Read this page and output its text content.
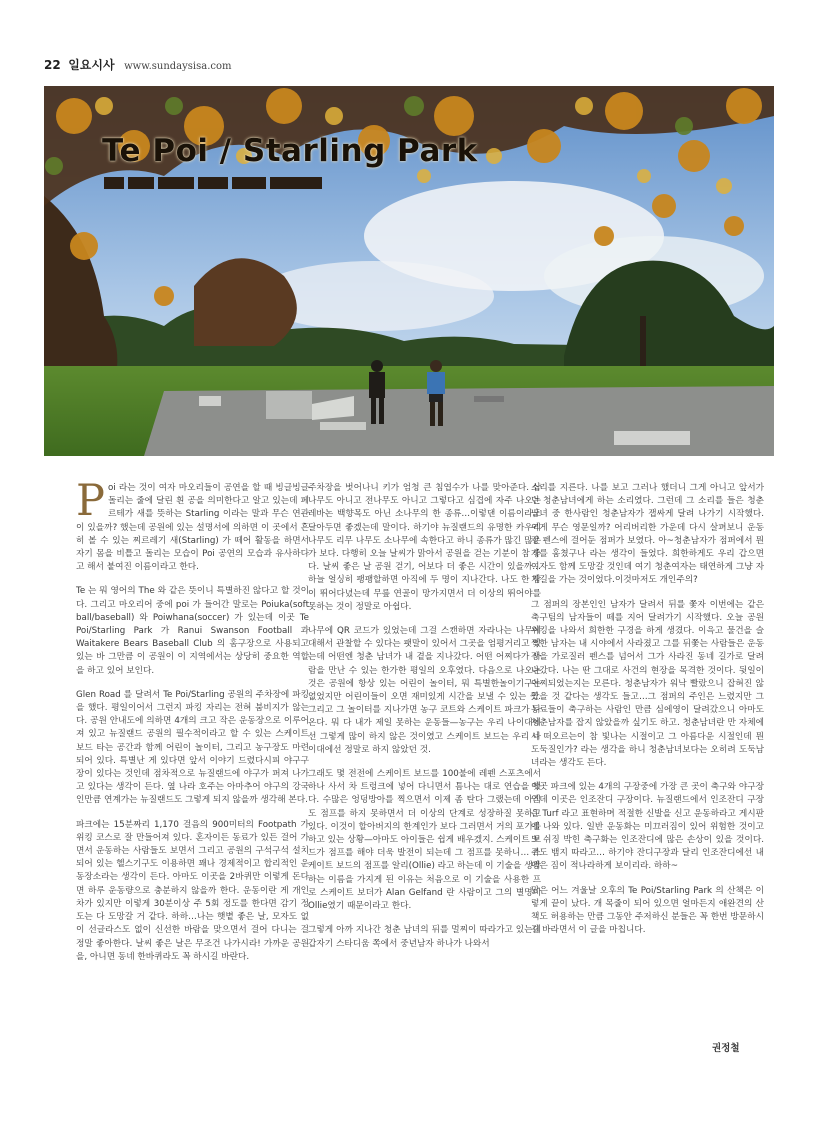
22 일요시사 www.sundaysisa.com
Te Poi / Starling Park

Poi 라는 것이 여자 마오리들이 공연을 할 때 빙글빙글 돌리는 줄에 달린 흰 공을 의미한다고 알고 있는데 페르테가 새를 뜻하는 Starling 이라는 말과 무슨 연관이 있을까? 했는데 공원에 있는 설명서에 의하면 이 곳에서 흔히 볼 수 있는 찌르레기 새(Starling) 가 떼어 활동을 하면서 자기 몸을 비틀고 돌리는 모습이 Poi 공연의 모습과 유사하다고 해서 붙여진 이름이라고 한다.

Te 는 뭐 영어의 The 와 같은 뜻이니 특별하진 않다고 할 것이다. 그리고 마오리어 중에 poi 가 들어간 말로는 Poiuka(soft ball/baseball) 와 Poiwhana(soccer) 가 있는데 이곳 Te Poi/Starling Park 가 Ranui Swanson Football 과 Waitakere Bears Baseball Club 의 홈구장으로 사용되고 있는 바 그만큼 이 공원이 이 지역에서는 상당히 중요한 역할을 하고 있어 보인다.

Glen Road 를 달려서 Te Poi/Starling 공원의 주차장에 파킹을 했다. 평일이어서 그런지 파킹 자리는 전혀 붐비지가 않는다. 공원 안내도에 의하면 4개의 크고 작은 운동장으로 이루어져 있고 뉴질랜드 공원의 필수적이라고 할 수 있는 스케이트 보드 타는 공간과 함께 어린이 놀이터, 그리고 농구장도 마련되어 있다. 특별난 게 있다면 앞서 이야기 드렸다시피 야구구장이 있다는 것인데 점차적으로 뉴질랜드에 야구가 퍼져 나가고 있다는 생각이 든다. 옆 나라 호주는 아마추어 야구의 강국인만큼 연계가는 뉴질랜드도 그렇게 되지 않을까 생각해 본다.

파크에는 15분짜리 1,170 걸음의 900미터의 Footpath 가 위킹 코스로 잘 만들어져 있다. 혼자이든 동료가 있든 걸어 가면서 운동하는 사람들도 보면서 그리고 공원의 구석구석 설치되어 있는 헬스기구도 이용하면 꽤나 경제적이고 합리적인 운동장소라는 생각이 든다. 아마도 이곳을 2바퀴만 이렇게 돈다면 하루 운동량으로 충분하지 않을까 한다. 운동이란 게 개인차가 있지만 이렇게 30분이상 주 5회 정도를 한다면 감기 정도는 다 도망갈 거 같다. 하하…나는 햇볕 좋은 날, 모자도 없이 선글라스도 없이 신선한 바람을 맞으면서 걸어 다니는 걸 정말 좋아한다. 날씨 좋은 날은 무조건 나가시라! 가까운 공원을, 아니면 동네 한바퀴라도 꼭 하시길 바란다.

주차장을 벗어나니 키가 엄청 큰 침엽수가 나를 맞아준다. 삼나무도 아니고 전나무도 아니고 그렇다고 심겹에 자주 나오는 레바논 백향목도 아닌 소나무의 한 종류…이렇댄 이름이라도 달아두면 좋겠는데 말이다. 하기야 뉴질랜드의 유명한 카우리 나무도 리무 나무도 소나무에 속한다고 하니 종류가 많긴 많은가 보다. 다행히 오늘 날씨가 맑아서 공원을 걷는 기분이 참 좋다. 날씨 좋은 날 공원 걷기, 어보다 더 좋은 시간이 있을까…하늘 얼싱히 팽팽할하면 아직에 두 명이 지나간다. 나도 한 땀이 뛰어다녔는데 무릎 연골이 망가지면서 더 이상의 뛰어야를 못하는 것이 정말로 아쉽다.

나무에 QR 코드가 있었는데 그걸 스캔하면 자라나는 나무에 대해서 관찰할 수 있다는 팻말이 있어서 그곳을 엄평거리고 있는데 어떤엔 청춘 남녀가 내 곁을 지나갔다. 어떤 어찌다가 사람을 만난 수 있는 한가한 평일의 오후였다. 다음으로 나오는 것은 공원에 항상 있는 어린이 놀이터, 뭐 특별한놀이기구는 없었지만 어린이들이 오면 재미있게 시간을 보낼 수 있는 곳. 그리고 그 놀이터를 지나가면 농구 코트와 스케이트 파크가 나온다. 뭐 다 내가 제일 못하는 운동들—농구는 우리 나이대에선 그렇게 많이 하지 않은 것이였고 스케이트 보드는 우리 나이대에선 정말로 하지 않았던 것.

그래도 몇 전전에 스케이트 보드를 100불에 레펜 스포츠에서 하나 사서 차 트렁크에 넣어 다니면서 틈나는 대로 연습을 했다. 수많은 엉덩방아를 찍으면서 이제 좀 탄다 그랬는데 아직도 점프를 하지 못하면서 더 이상의 단계로 성장하질 못하고 있다. 이것이 할아버지의 한계인가 보다 그러면서 거의 포기를 하고 있는 상황—아마도 아이들은 쉽게 배우겠지. 스케이트 보드가 점프를 해야 더욱 발전이 되는데 그 점프를 못하니… 스케이트 보드의 점프를 알리(Ollie) 라고 하는데 이 기술을 생각하는 이름을 가지게 된 이유는 처음으로 이 기술을 사용한 프로 스케이트 보더가 Alan Gelfand 란 사람이고 그의 별명이 Ollie였기 때문이라고 한다.

그렇게 아까 지나간 청춘 남녀의 뒤를 멀찌이 따라가고 있는데 갑자기 스타디움 쪽에서 중년남자 하나가 나와서

소리를 지른다. 나를 보고 그러나 했더니 그게 아니고 앞서가던 청춘남녀에게 하는 소리였다. 그런데 그 소리를 들은 청춘남녀 중 한사람인 청춘남자가 잽싸게 달려 나가기 시작했다. 이게 무슨 영문일까? 어리버리한 가운데 다시 살펴보니 운동장 펜스에 걸어둔 점퍼가 보였다. 아~청춘남자가 점퍼에서 뭔가를 훔쳤구나 라는 생각이 들었다. 희한하게도 우리 갑으면 여자도 함께 도망갈 것인데 여기 청춘여자는 태연하게 그냥 자기길을 가는 것이었다.이것마저도 개인주의?

그 점퍼의 장본인인 남자가 달려서 뒤를 쫓자 이번에는 같은 축구팀의 남자들이 떼를 지어 달려가기 시작했다. 오늘 공원 위킹을 나와서 희한한 구경을 하게 생겼다. 이윽고 물건을 슬쩍한 남자는 내 시야에서 사라졌고 그를 뒤쫓는 사람들은 운동장을 가로질러 펜스를 넘어서 그가 사라진 동네 길가로 달려 나갔다. 나는 딴 그대로 사건의 현장을 목격한 것이다. 뒷일이 어찌되었는지는 모른다. 청춘남자가 워낙 빨랐으니 잡혀진 않았을 것 같다는 생각도 들고…그 점퍼의 주인은 느렸지만 그 동료들이 축구하는 사람인 만큼 심에영이 달려갔으니 아마도 청춘남자를 잡지 않았을까 싶기도 하고. 청춘남녀란 만 자체에서 떠오르는이 참 빛나는 시절이고 그 아름다운 시절인데 뭔 도둑질인가? 라는 생각을 하니 청춘남녀보다는 오히려 도둑남녀라는 생각도 든다.

이곳 파크에 있는 4개의 구장중에 가장 큰 곳이 축구와 야구장인데 이곳은 인조잔디 구장이다. 뉴질랜드에서 인조잔디 구장은 Turf 라고 표현하며 적절한 신발을 신고 운동하라고 게시판에 나와 있다. 일반 운동화는 미끄러짐이 있어 위험한 것이고 또 쉬징 박힌 축구화는 인조잔디에 많은 손상이 있을 것이다. 쥐도 뱀지 따라고… 하기야 잔디구장과 달리 인조잔디에선 내팽은 짐이 적나라하게 보이리라. 하하~

맑은 어느 겨울날 오후의 Te Poi/Starling Park 의 산책은 이렇게 끝이 났다. 개 목줄이 되어 있으면 얼마든지 애완견의 산책도 허용하는 만큼 그동안 주저하신 분들은 꼭 한번 방문하시길 바라면서 이 글을 마칩니다.

권정철
